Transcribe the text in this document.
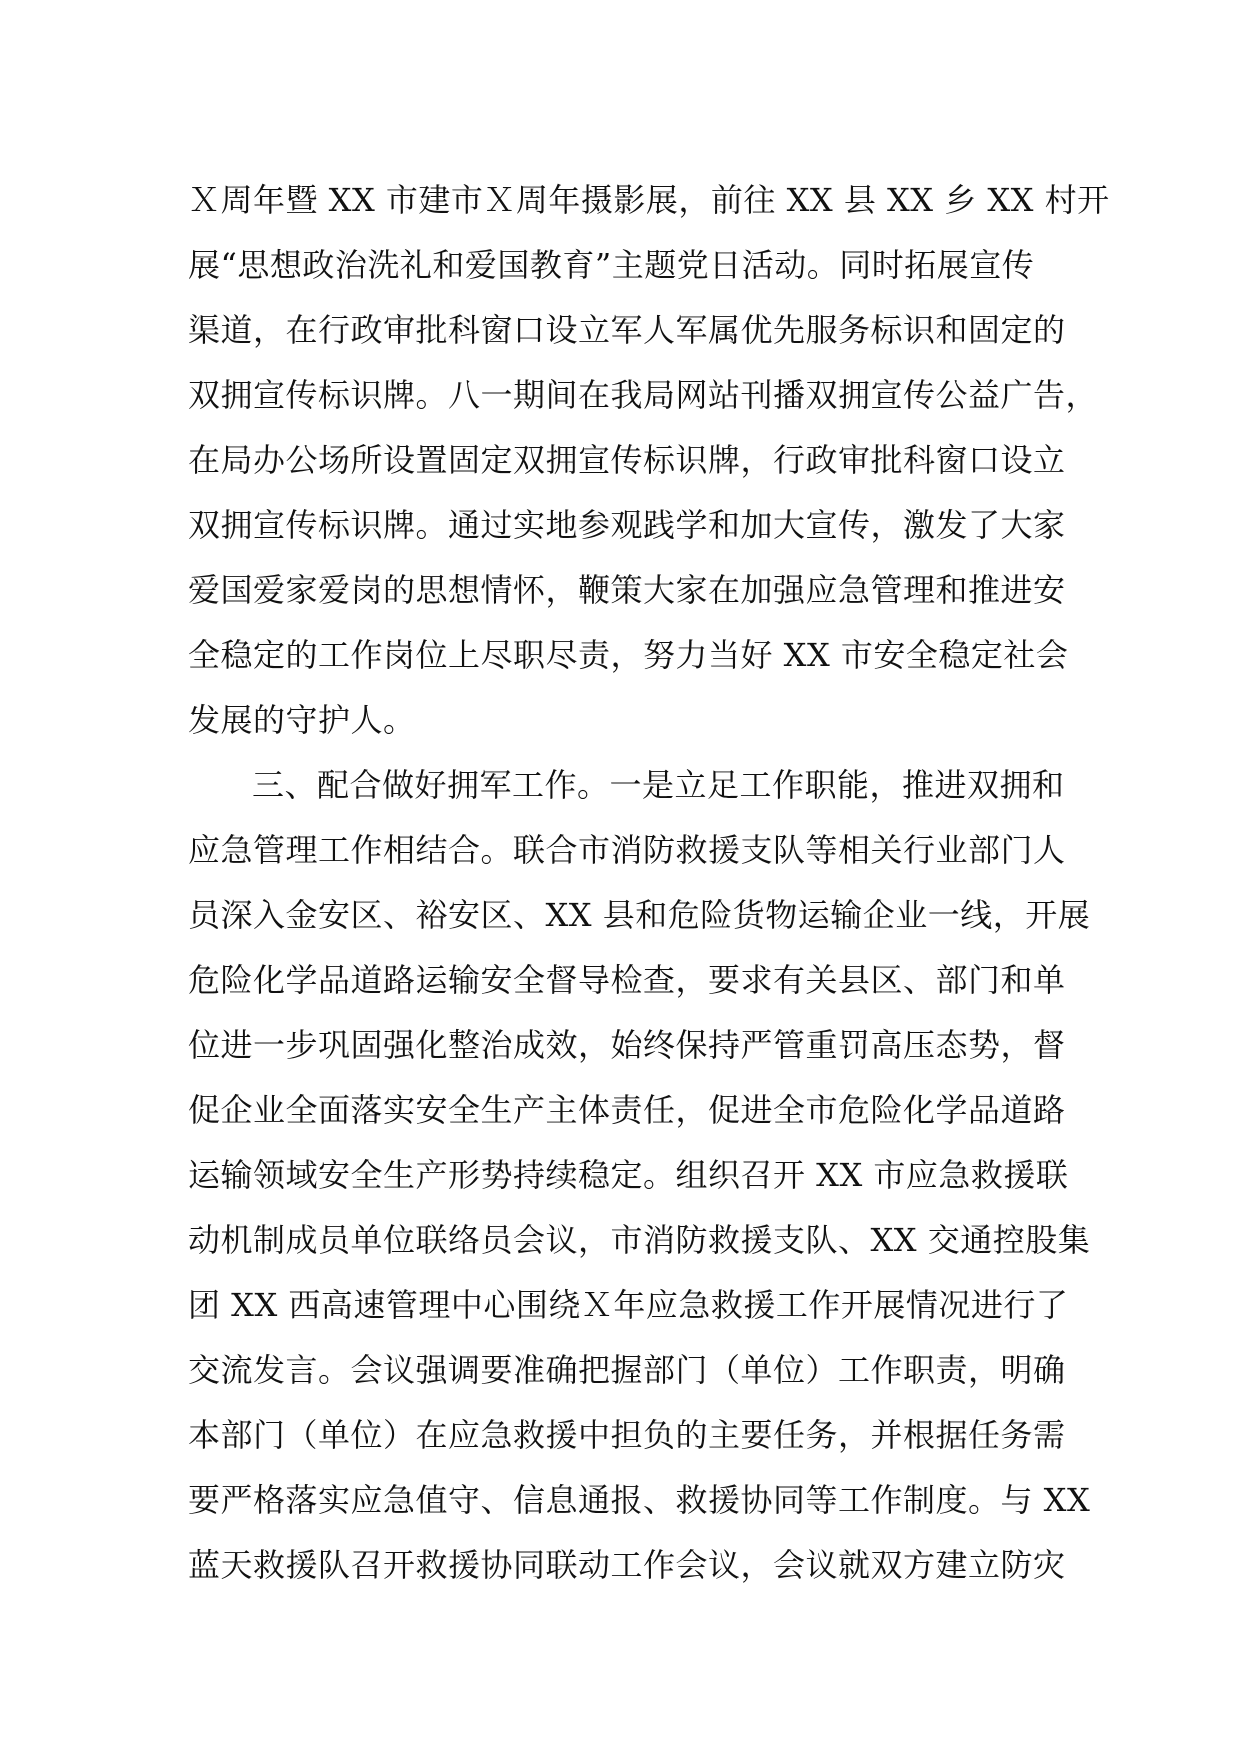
Ｘ周年暨 XX 市建市Ｘ周年摄影展，前往 XX 县 XX 乡 XX 村开
展“思想政治洗礼和爱国教育”主题党日活动。同时拓展宣传
渠道，在行政审批科窗口设立军人军属优先服务标识和固定的
双拥宣传标识牌。八一期间在我局网站刊播双拥宣传公益广告，
在局办公场所设置固定双拥宣传标识牌，行政审批科窗口设立
双拥宣传标识牌。通过实地参观践学和加大宣传，激发了大家
爱国爱家爱岗的思想情怀，鞭策大家在加强应急管理和推进安
全稳定的工作岗位上尽职尽责，努力当好 XX 市安全稳定社会
发展的守护人。
三、配合做好拥军工作。一是立足工作职能，推进双拥和
应急管理工作相结合。联合市消防救援支队等相关行业部门人
员深入金安区、裕安区、XX 县和危险货物运输企业一线，开展
危险化学品道路运输安全督导检查，要求有关县区、部门和单
位进一步巩固强化整治成效，始终保持严管重罚高压态势，督
促企业全面落实安全生产主体责任，促进全市危险化学品道路
运输领域安全生产形势持续稳定。组织召开 XX 市应急救援联
动机制成员单位联络员会议，市消防救援支队、XX 交通控股集
团 XX 西高速管理中心围绕Ｘ年应急救援工作开展情况进行了
交流发言。会议强调要准确把握部门（单位）工作职责，明确
本部门（单位）在应急救援中担负的主要任务，并根据任务需
要严格落实应急值守、信息通报、救援协同等工作制度。与 XX
蓝天救援队召开救援协同联动工作会议，会议就双方建立防灾
